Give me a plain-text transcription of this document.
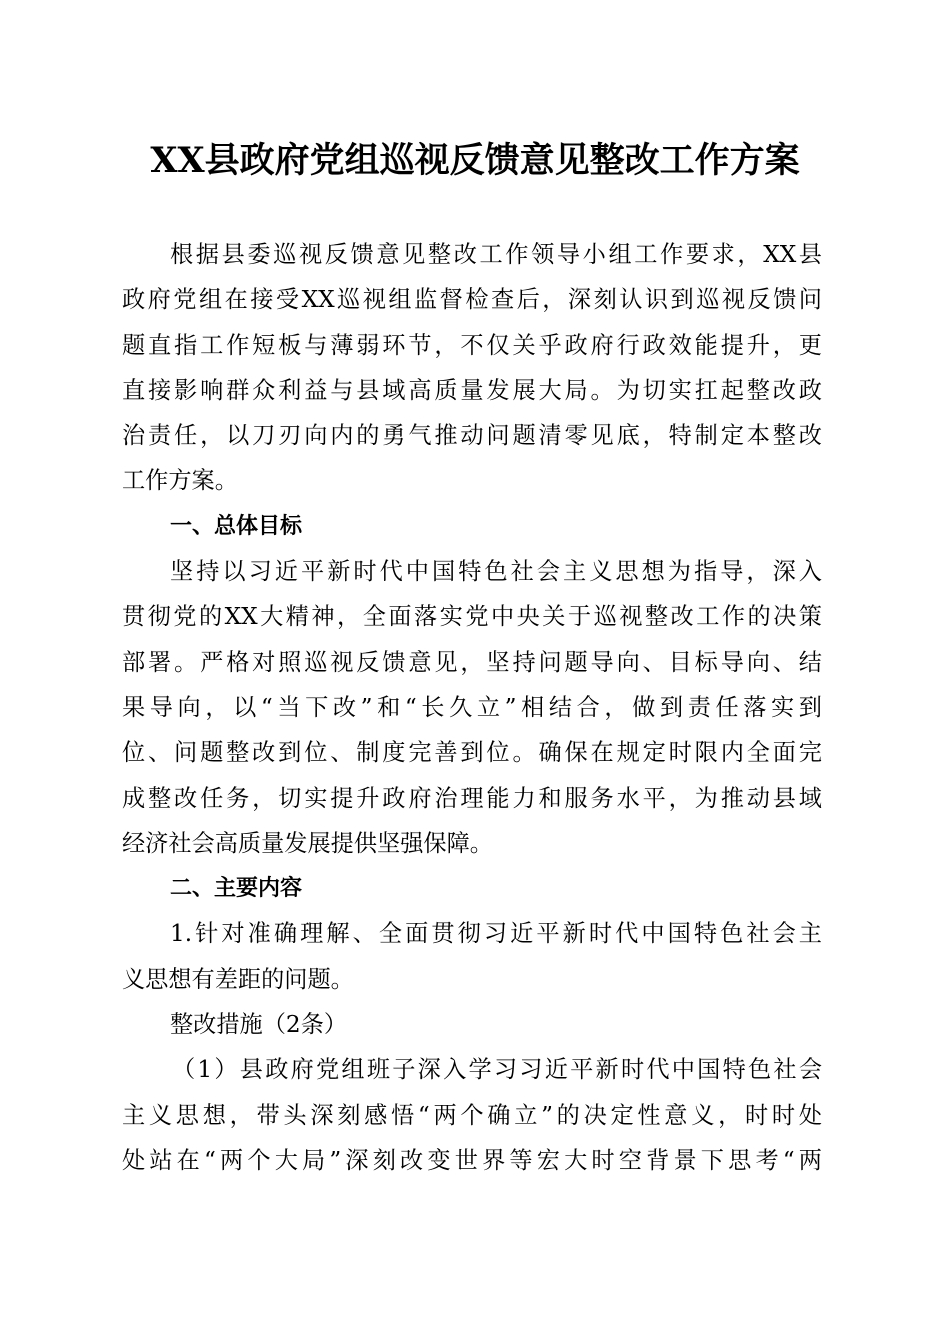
XX县政府党组巡视反馈意见整改工作方案
根据县委巡视反馈意见整改工作领导小组工作要求，XX县
政府党组在接受XX巡视组监督检查后，深刻认识到巡视反馈问
题直指工作短板与薄弱环节，不仅关乎政府行政效能提升，更
直接影响群众利益与县域高质量发展大局。为切实扛起整改政
治责任，以刀刃向内的勇气推动问题清零见底，特制定本整改
工作方案。
一、总体目标
坚持以习近平新时代中国特色社会主义思想为指导，深入
贯彻党的XX大精神，全面落实党中央关于巡视整改工作的决策
部署。严格对照巡视反馈意见，坚持问题导向、目标导向、结
果导向，以“当下改”和“长久立”相结合，做到责任落实到
位、问题整改到位、制度完善到位。确保在规定时限内全面完
成整改任务，切实提升政府治理能力和服务水平，为推动县域
经济社会高质量发展提供坚强保障。
二、主要内容
1.针对准确理解、全面贯彻习近平新时代中国特色社会主
义思想有差距的问题。
整改措施（2条）
（1）县政府党组班子深入学习习近平新时代中国特色社会
主义思想，带头深刻感悟“两个确立”的决定性意义，时时处
处站在“两个大局”深刻改变世界等宏大时空背景下思考“两
